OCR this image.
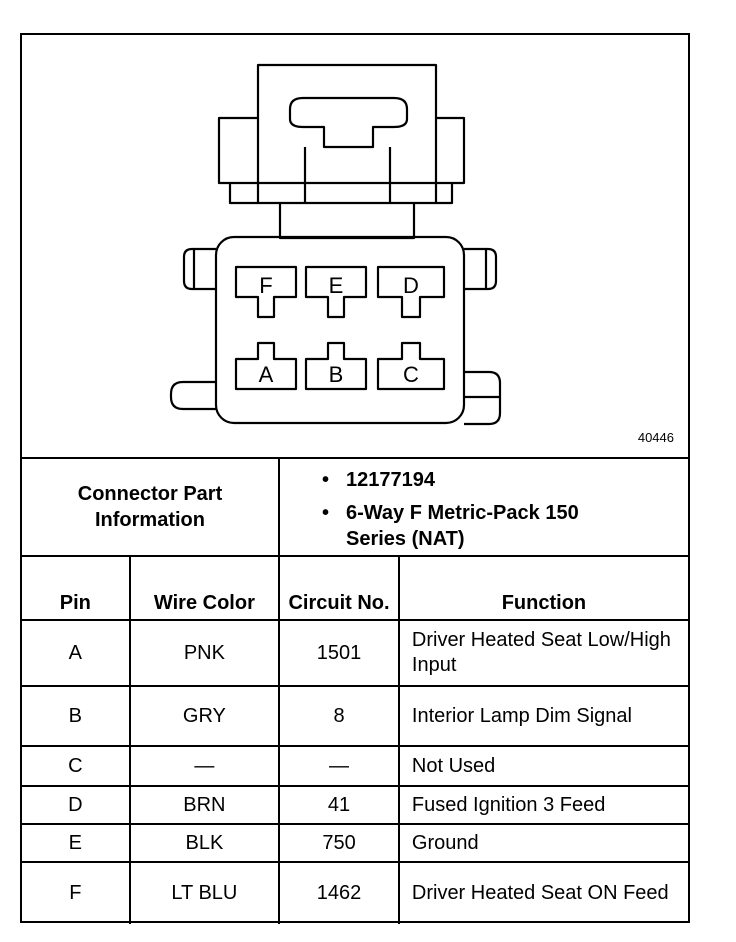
F	E	D
A	B	C
40446
Connector Part Information
• 12177194
• 6-Way F Metric-Pack 150 Series (NAT)
Pin	Wire Color	Circuit No.	Function
A	PNK	1501	Driver Heated Seat Low/High Input
B	GRY	8	Interior Lamp Dim Signal
C	—	—	Not Used
D	BRN	41	Fused Ignition 3 Feed
E	BLK	750	Ground
F	LT BLU	1462	Driver Heated Seat ON Feed
